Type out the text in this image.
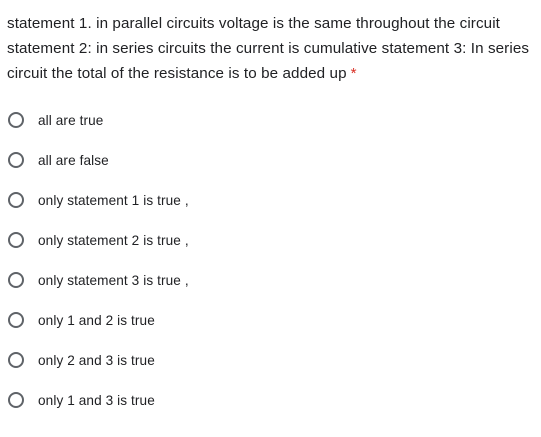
statement 1. in parallel circuits voltage is the same throughout the circuit statement 2: in series circuits the current is cumulative statement 3: In series circuit the total of the resistance is to be added up *
all are true
all are false
only statement 1 is true ,
only statement 2 is true ,
only statement 3 is true ,
only 1 and 2 is true
only 2 and 3 is true
only 1 and 3 is true
